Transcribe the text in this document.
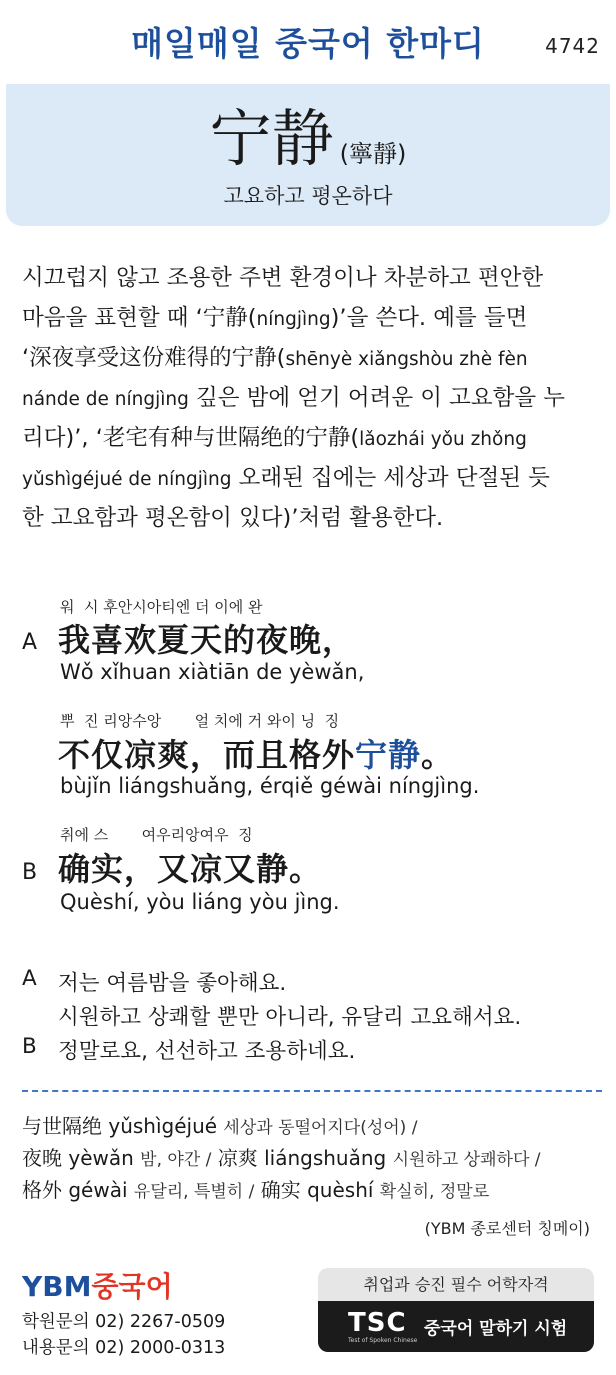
매일매일 중국어 한마디	4742
宁静 (寧靜)
고요하고 평온하다
시끄럽지 않고 조용한 주변 환경이나 차분하고 편안한
마음을 표현할 때 ‘宁静(níngjìng)’을 쓴다. 예를 들면
‘深夜享受这份难得的宁静(shēnyè xiǎngshòu zhè fèn
nánde de níngjìng 깊은 밤에 얻기 어려운 이 고요함을 누
리다)’, ‘老宅有种与世隔绝的宁静(lǎozhái yǒu zhǒng
yǔshìgéjué de níngjìng 오래된 집에는 세상과 단절된 듯
한 고요함과 평온함이 있다)’처럼 활용한다.
워  시 후안시아티엔 더 이에 완
A 我喜欢夏天的夜晚，
Wǒ xǐhuan xiàtiān de yèwǎn,
뿌  진 리앙수앙       얼 치에 거 와이 닝  징
不仅凉爽，而且格外宁静。
bùjǐn liángshuǎng, érqiě géwài níngjìng.
취에 스       여우리앙여우  징
B 确实，又凉又静。
Quèshí, yòu liáng yòu jìng.
A 저는 여름밤을 좋아해요.
시원하고 상쾌할 뿐만 아니라, 유달리 고요해서요.
B 정말로요, 선선하고 조용하네요.
与世隔绝 yǔshìgéjué 세상과 동떨어지다(성어) /
夜晚 yèwǎn 밤, 야간 / 凉爽 liángshuǎng 시원하고 상쾌하다 /
格外 géwài 유달리, 특별히 / 确实 quèshí 확실히, 정말로
(YBM 종로센터 칭메이)
YBM중국어
학원문의 02) 2267-0509
내용문의 02) 2000-0313
취업과 승진 필수 어학자격
TSC
Test of Spoken Chinese
중국어 말하기 시험
